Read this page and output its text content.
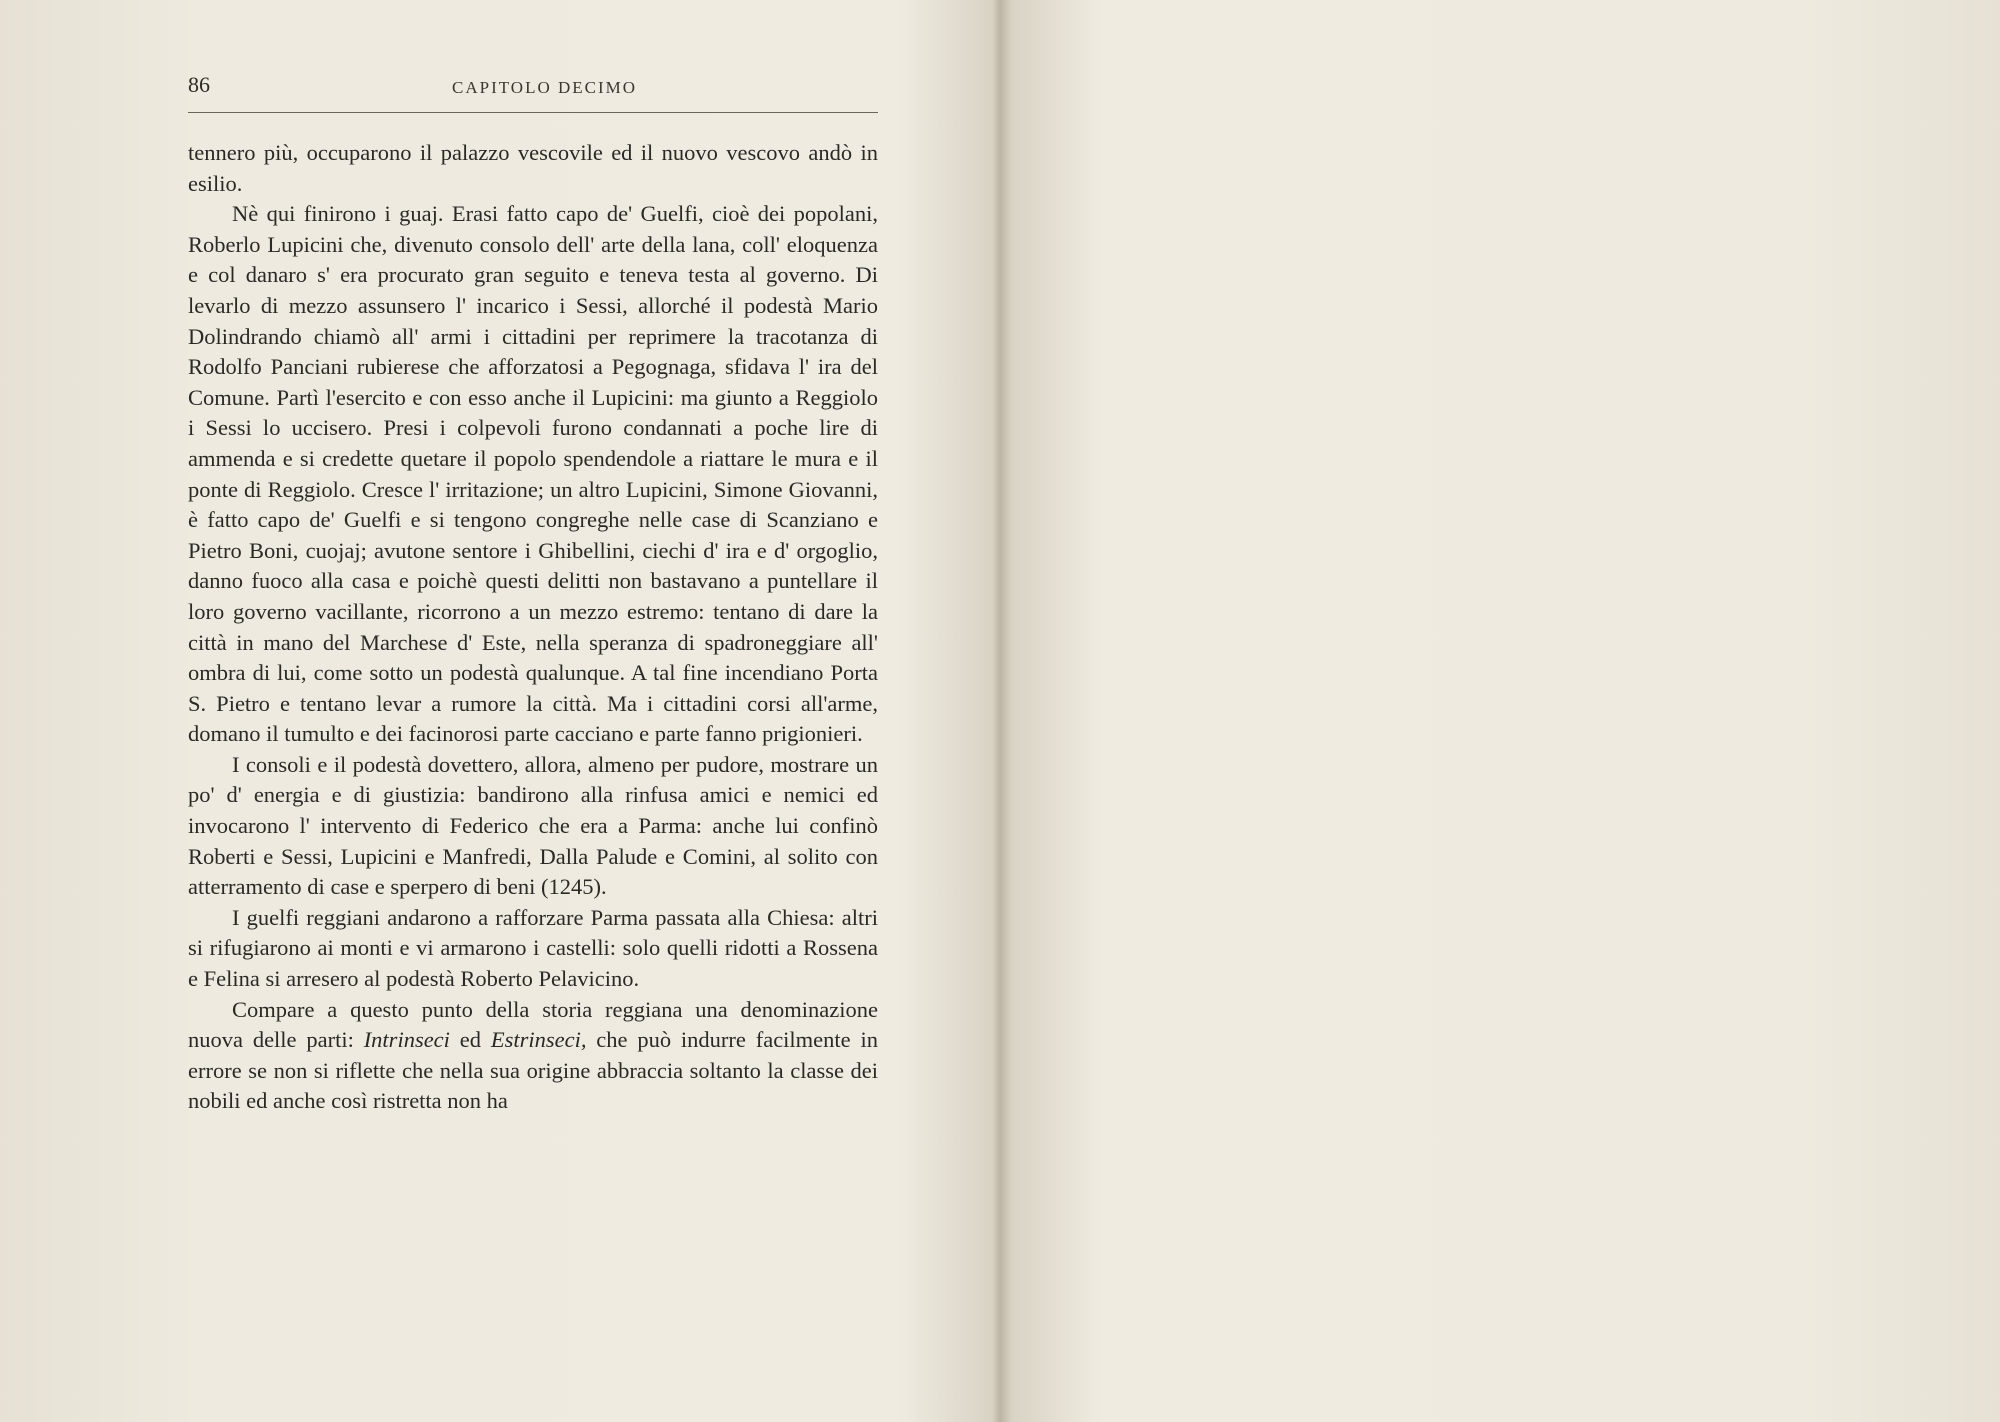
86	CAPITOLO DECIMO

tennero più, occuparono il palazzo vescovile ed il nuovo vescovo andò in esilio.

Nè qui finirono i guaj. Erasi fatto capo de' Guelfi, cioè dei popolani, Roberlo Lupicini che, divenuto consolo dell' arte della lana, coll' eloquenza e col danaro s' era procurato gran seguito e teneva testa al governo. Di levarlo di mezzo assunsero l' incarico i Sessi, allorché il podestà Mario Dolindrando chiamò all' armi i cittadini per reprimere la tracotanza di Rodolfo Panciani rubierese che afforzatosi a Pegognaga, sfidava l' ira del Comune. Partì l'esercito e con esso anche il Lupicini: ma giunto a Reggiolo i Sessi lo uccisero. Presi i colpevoli furono condannati a poche lire di ammenda e si credette quetare il popolo spendendole a riattare le mura e il ponte di Reggiolo. Cresce l' irritazione; un altro Lupicini, Simone Giovanni, è fatto capo de' Guelfi e si tengono congreghe nelle case di Scanziano e Pietro Boni, cuojaj; avutone sentore i Ghibellini, ciechi d' ira e d' orgoglio, danno fuoco alla casa e poichè questi delitti non bastavano a puntellare il loro governo vacillante, ricorrono a un mezzo estremo: tentano di dare la città in mano del Marchese d' Este, nella speranza di spadroneggiare all' ombra di lui, come sotto un podestà qualunque. A tal fine incendiano Porta S. Pietro e tentano levar a rumore la città. Ma i cittadini corsi all'arme, domano il tumulto e dei facinorosi parte cacciano e parte fanno prigionieri.

I consoli e il podestà dovettero, allora, almeno per pudore, mostrare un po' d' energia e di giustizia: bandirono alla rinfusa amici e nemici ed invocarono l' intervento di Federico che era a Parma: anche lui confinò Roberti e Sessi, Lupicini e Manfredi, Dalla Palude e Comini, al solito con atterramento di case e sperpero di beni (1245).

I guelfi reggiani andarono a rafforzare Parma passata alla Chiesa: altri si rifugiarono ai monti e vi armarono i castelli: solo quelli ridotti a Rossena e Felina si arresero al podestà Roberto Pelavicino.

Compare a questo punto della storia reggiana una denominazione nuova delle parti: Intrinseci ed Estrinseci, che può indurre facilmente in errore se non si riflette che nella sua origine abbraccia soltanto la classe dei nobili ed anche così ristretta non ha
